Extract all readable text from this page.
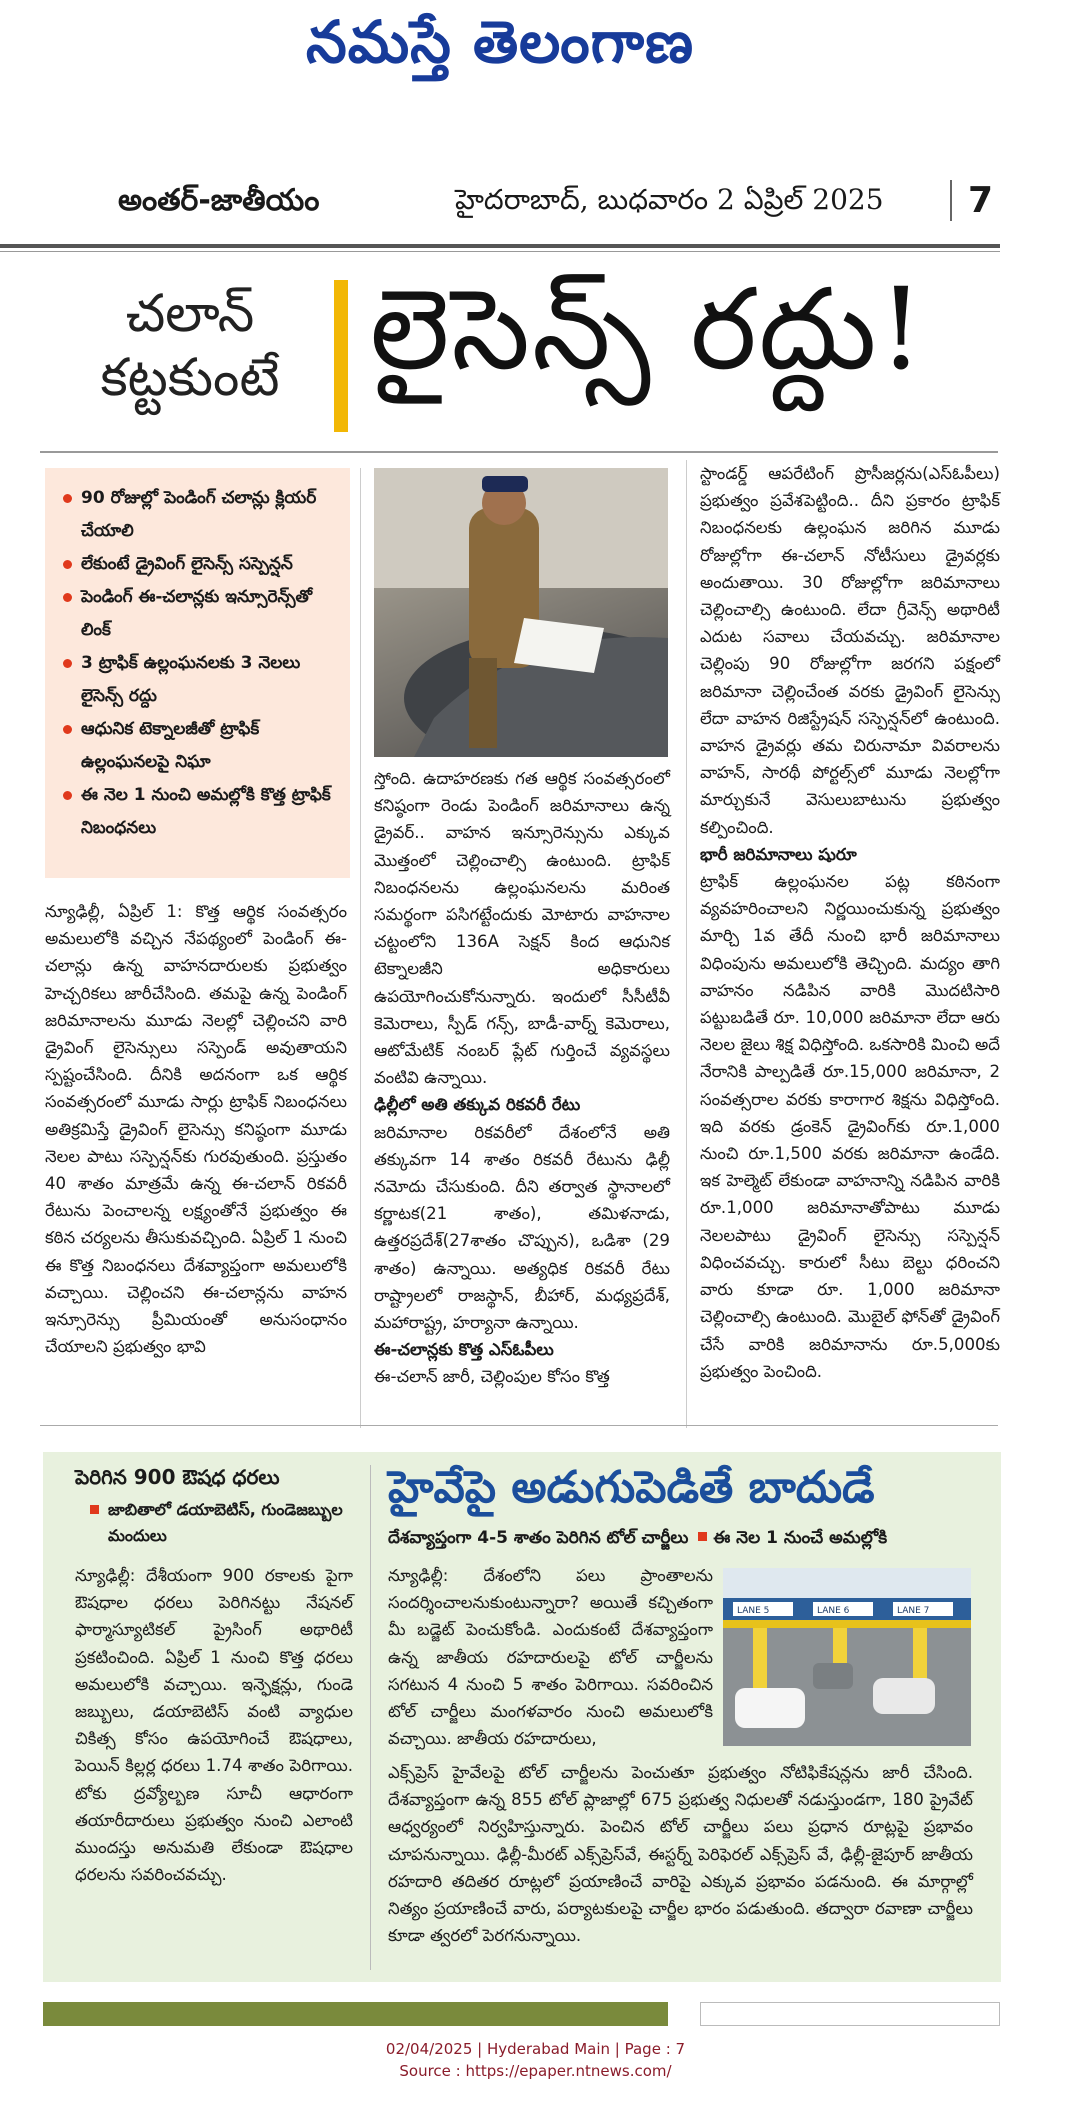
నమస్తే తెలంగాణ
అంతర్-జాతీయం	హైదరాబాద్, బుధవారం 2 ఏప్రిల్ 2025	7
చలాన్
కట్టకుంటే లైసెన్స్ రద్దు!
90 రోజుల్లో పెండింగ్ చలాన్లు క్లియర్ చేయాలి
లేకుంటే డ్రైవింగ్ లైసెన్స్ సస్పెన్షన్
పెండింగ్ ఈ-చలాన్లకు ఇన్సూరెన్స్‌తో లింక్
3 ట్రాఫిక్ ఉల్లంఘనలకు 3 నెలలు లైసెన్స్ రద్దు
ఆధునిక టెక్నాలజీతో ట్రాఫిక్ ఉల్లంఘనలపై నిఘా
ఈ నెల 1 నుంచి అమల్లోకి కొత్త ట్రాఫిక్ నిబంధనలు
న్యూఢిల్లీ, ఏప్రిల్ 1: కొత్త ఆర్థిక సంవత్సరం అమలులోకి వచ్చిన నేపథ్యంలో పెండింగ్ ఈ-చలాన్లు ఉన్న వాహనదారులకు ప్రభుత్వం హెచ్చరికలు జారీచేసింది. తమపై ఉన్న పెండింగ్ జరిమానాలను మూడు నెలల్లో చెల్లించని వారి డ్రైవింగ్ లైసెన్సులు సస్పెండ్ అవుతాయని స్పష్టంచేసింది. దీనికి అదనంగా ఒక ఆర్థిక సంవత్సరంలో మూడు సార్లు ట్రాఫిక్ నిబంధనలు అతిక్రమిస్తే డ్రైవింగ్ లైసెన్సు కనిష్ఠంగా మూడు నెలల పాటు సస్పెన్షన్‌కు గురవుతుంది. ప్రస్తుతం 40 శాతం మాత్రమే ఉన్న ఈ-చలాన్ రికవరీ రేటును పెంచాలన్న లక్ష్యంతోనే ప్రభుత్వం ఈ కఠిన చర్యలను తీసుకువచ్చింది. ఏప్రిల్ 1 నుంచి ఈ కొత్త నిబంధనలు దేశవ్యాప్తంగా అమలులోకి వచ్చాయి. చెల్లించని ఈ-చలాన్లను వాహన ఇన్సూరెన్సు ప్రీమియంతో అనుసంధానం చేయాలని ప్రభుత్వం భావి
స్తోంది. ఉదాహరణకు గత ఆర్థిక సంవత్సరంలో కనిష్ఠంగా రెండు పెండింగ్ జరిమానాలు ఉన్న డ్రైవర్.. వాహన ఇన్సూరెన్సును ఎక్కువ మొత్తంలో చెల్లించాల్సి ఉంటుంది. ట్రాఫిక్ నిబంధనలను ఉల్లంఘనలను మరింత సమర్థంగా పసిగట్టేందుకు మోటారు వాహనాల చట్టంలోని 136A సెక్షన్ కింద ఆధునిక టెక్నాలజీని అధికారులు ఉపయోగించుకోనున్నారు. ఇందులో సీసీటీవీ కెమెరాలు, స్పీడ్ గన్స్, బాడీ-వార్న్ కెమెరాలు, ఆటోమేటిక్ నంబర్ ప్లేట్ గుర్తించే వ్యవస్థలు వంటివి ఉన్నాయి.
ఢిల్లీలో అతి తక్కువ రికవరీ రేటు
జరిమానాల రికవరీలో దేశంలోనే అతి తక్కువగా 14 శాతం రికవరీ రేటును ఢిల్లీ నమోదు చేసుకుంది. దీని తర్వాత స్థానాలలో కర్ణాటక(21 శాతం), తమిళనాడు, ఉత్తరప్రదేశ్(27శాతం చొప్పున), ఒడిశా (29 శాతం) ఉన్నాయి. అత్యధిక రికవరీ రేటు రాష్ట్రాలలో రాజస్థాన్, బీహార్, మధ్యప్రదేశ్, మహారాష్ట్ర, హర్యానా ఉన్నాయి.
ఈ-చలాన్లకు కొత్త ఎస్‌ఓపీలు
ఈ-చలాన్ జారీ, చెల్లింపుల కోసం కొత్త
స్టాండర్డ్ ఆపరేటింగ్ ప్రొసీజర్లను(ఎస్‌ఓపీలు) ప్రభుత్వం ప్రవేశపెట్టింది.. దీని ప్రకారం ట్రాఫిక్ నిబంధనలకు ఉల్లంఘన జరిగిన మూడు రోజుల్లోగా ఈ-చలాన్ నోటీసులు డ్రైవర్లకు అందుతాయి. 30 రోజుల్లోగా జరిమానాలు చెల్లించాల్సి ఉంటుంది. లేదా గ్రీవెన్స్ అథారిటీ ఎదుట సవాలు చేయవచ్చు. జరిమానాల చెల్లింపు 90 రోజుల్లోగా జరగని పక్షంలో జరిమానా చెల్లించేంత వరకు డ్రైవింగ్ లైసెన్సు లేదా వాహన రిజిస్ట్రేషన్ సస్పెన్షన్‌లో ఉంటుంది. వాహన డ్రైవర్లు తమ చిరునామా వివరాలను వాహన్, సారథీ పోర్టల్స్‌లో మూడు నెలల్లోగా మార్చుకునే వెసులుబాటును ప్రభుత్వం కల్పించింది.
భారీ జరిమానాలు షురూ
ట్రాఫిక్ ఉల్లంఘనల పట్ల కఠినంగా వ్యవహరించాలని నిర్ణయించుకున్న ప్రభుత్వం మార్చి 1వ తేదీ నుంచి భారీ జరిమానాలు విధింపును అమలులోకి తెచ్చింది. మద్యం తాగి వాహనం నడిపిన వారికి మొదటిసారి పట్టుబడితే రూ. 10,000 జరిమానా లేదా ఆరు నెలల జైలు శిక్ష విధిస్తోంది. ఒకసారికి మించి అదే నేరానికి పాల్పడితే రూ.15,000 జరిమానా, 2 సంవత్సరాల వరకు కారాగార శిక్షను విధిస్తోంది. ఇది వరకు డ్రంకెన్ డ్రైవింగ్‌కు రూ.1,000 నుంచి రూ.1,500 వరకు జరిమానా ఉండేది. ఇక హెల్మెట్ లేకుండా వాహనాన్ని నడిపిన వారికి రూ.1,000 జరిమానాతోపాటు మూడు నెలలపాటు డ్రైవింగ్ లైసెన్సు సస్పెన్షన్ విధించవచ్చు. కారులో సీటు బెల్టు ధరించని వారు కూడా రూ. 1,000 జరిమానా చెల్లించాల్సి ఉంటుంది. మొబైల్ ఫోన్‌తో డ్రైవింగ్ చేసే వారికి జరిమానాను రూ.5,000కు ప్రభుత్వం పెంచింది.
పెరిగిన 900 ఔషధ ధరలు
జాబితాలో డయాబెటిస్, గుండెజబ్బుల మందులు
న్యూఢిల్లీ: దేశీయంగా 900 రకాలకు పైగా ఔషధాల ధరలు పెరిగినట్టు నేషనల్ ఫార్మాస్యూటికల్ ప్రైసింగ్ అథారిటీ ప్రకటించింది. ఏప్రిల్ 1 నుంచి కొత్త ధరలు అమలులోకి వచ్చాయి. ఇన్ఫెక్షన్లు, గుండె జబ్బులు, డయాబెటిస్ వంటి వ్యాధుల చికిత్స కోసం ఉపయోగించే ఔషధాలు, పెయిన్ కిల్లర్ల ధరలు 1.74 శాతం పెరిగాయి. టోకు ద్రవ్యోల్బణ సూచీ ఆధారంగా తయారీదారులు ప్రభుత్వం నుంచి ఎలాంటి ముందస్తు అనుమతి లేకుండా ఔషధాల ధరలను సవరించవచ్చు.
హైవేపై అడుగుపెడితే బాదుడే
దేశవ్యాప్తంగా 4-5 శాతం పెరిగిన టోల్ చార్జీలు ఈ నెల 1 నుంచే అమల్లోకి
న్యూఢిల్లీ: దేశంలోని పలు ప్రాంతాలను సందర్శించాలనుకుంటున్నారా? అయితే కచ్చితంగా మీ బడ్జెట్ పెంచుకోండి. ఎందుకంటే దేశవ్యాప్తంగా ఉన్న జాతీయ రహదారులపై టోల్ చార్జీలను సగటున 4 నుంచి 5 శాతం పెరిగాయి. సవరించిన టోల్ చార్జీలు మంగళవారం నుంచి అమలులోకి వచ్చాయి. జాతీయ రహదారులు,
LANE 5	LANE 6	LANE 7
ఎక్స్‌ప్రెస్ హైవేలపై టోల్ చార్జీలను పెంచుతూ ప్రభుత్వం నోటిఫికేషన్లను జారీ చేసింది. దేశవ్యాప్తంగా ఉన్న 855 టోల్ ప్లాజాల్లో 675 ప్రభుత్వ నిధులతో నడుస్తుండగా, 180 ప్రైవేట్ ఆధ్వర్యంలో నిర్వహిస్తున్నారు. పెంచిన టోల్ చార్జీలు పలు ప్రధాన రూట్లపై ప్రభావం చూపనున్నాయి. ఢిల్లీ-మీరట్ ఎక్స్‌ప్రెస్‌వే, ఈస్టర్న్ పెరిఫెరల్ ఎక్స్‌ప్రెస్ వే, ఢిల్లీ-జైపూర్ జాతీయ రహదారి తదితర రూట్లలో ప్రయాణించే వారిపై ఎక్కువ ప్రభావం పడనుంది. ఈ మార్గాల్లో నిత్యం ప్రయాణించే వారు, పర్యాటకులపై చార్జీల భారం పడుతుంది. తద్వారా రవాణా చార్జీలు కూడా త్వరలో పెరగనున్నాయి.
02/04/2025 | Hyderabad Main | Page : 7
Source : https://epaper.ntnews.com/
